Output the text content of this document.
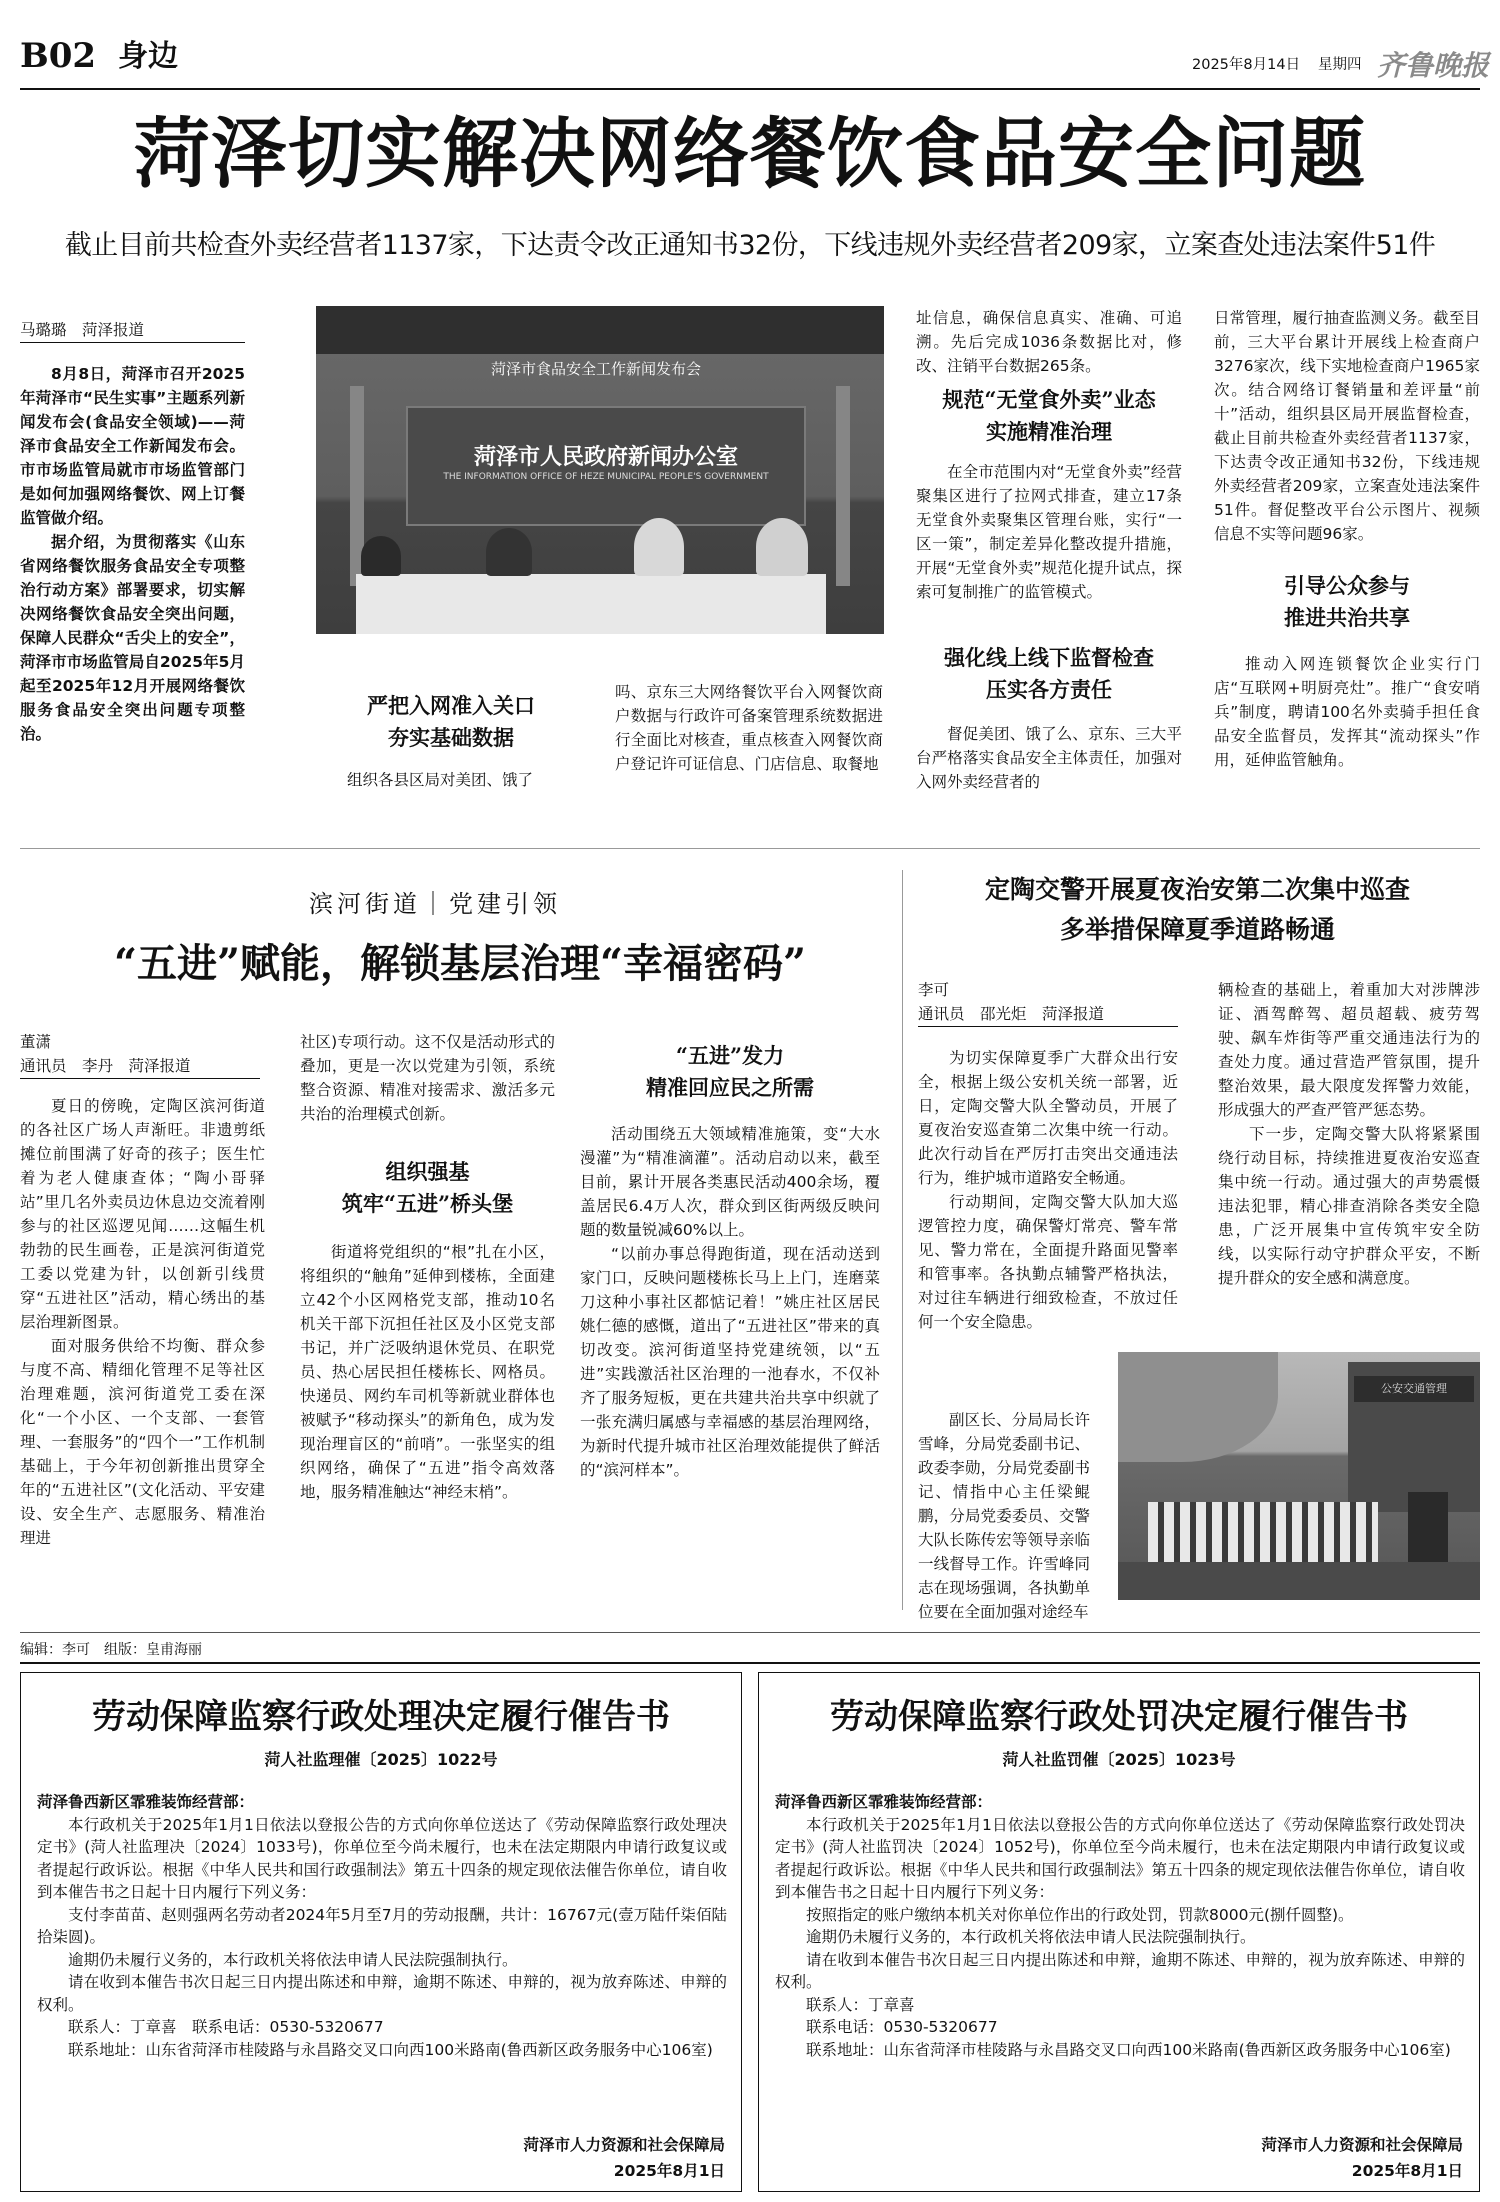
B02 身边	2025年8月14日 星期四 齐鲁晚报
菏泽切实解决网络餐饮食品安全问题
截止目前共检查外卖经营者1137家，下达责令改正通知书32份，下线违规外卖经营者209家，立案查处违法案件51件
马璐璐　菏泽报道

8月8日，菏泽市召开2025年菏泽市“民生实事”主题系列新闻发布会(食品安全领域)——菏泽市食品安全工作新闻发布会。市市场监管局就市市场监管部门是如何加强网络餐饮、网上订餐监管做介绍。

据介绍，为贯彻落实《山东省网络餐饮服务食品安全专项整治行动方案》部署要求，切实解决网络餐饮食品安全突出问题，保障人民群众“舌尖上的安全”，菏泽市市场监管局自2025年5月起至2025年12月开展网络餐饮服务食品安全突出问题专项整治。

菏泽市食品安全工作新闻发布会
菏泽市人民政府新闻办公室
THE INFORMATION OFFICE OF HEZE MUNICIPAL PEOPLE'S GOVERNMENT
严把入网准入关口
夯实基础数据

组织各县区局对美团、饿了

吗、京东三大网络餐饮平台入网餐饮商户数据与行政许可备案管理系统数据进行全面比对核查，重点核查入网餐饮商户登记许可证信息、门店信息、取餐地

址信息，确保信息真实、准确、可追溯。先后完成1036条数据比对，修改、注销平台数据265条。

规范“无堂食外卖”业态
实施精准治理

在全市范围内对“无堂食外卖”经营聚集区进行了拉网式排查，建立17条无堂食外卖聚集区管理台账，实行“一区一策”，制定差异化整改提升措施，开展“无堂食外卖”规范化提升试点，探索可复制推广的监管模式。

强化线上线下监督检查
压实各方责任

督促美团、饿了么、京东、三大平台严格落实食品安全主体责任，加强对入网外卖经营者的

日常管理，履行抽查监测义务。截至目前，三大平台累计开展线上检查商户3276家次，线下实地检查商户1965家次。结合网络订餐销量和差评量“前十”活动，组织县区局开展监督检查，截止目前共检查外卖经营者1137家，下达责令改正通知书32份，下线违规外卖经营者209家，立案查处违法案件51件。督促整改平台公示图片、视频信息不实等问题96家。

引导公众参与
推进共治共享

推动入网连锁餐饮企业实行门店“互联网+明厨亮灶”。推广“食安哨兵”制度，聘请100名外卖骑手担任食品安全监督员，发挥其“流动探头”作用，延伸监管触角。

滨河街道｜党建引领
“五进”赋能，解锁基层治理“幸福密码”
董潇
通讯员　李丹　菏泽报道

夏日的傍晚，定陶区滨河街道的各社区广场人声渐旺。非遗剪纸摊位前围满了好奇的孩子；医生忙着为老人健康查体；“陶小哥驿站”里几名外卖员边休息边交流着刚参与的社区巡逻见闻……这幅生机勃勃的民生画卷，正是滨河街道党工委以党建为针，以创新引线贯穿“五进社区”活动，精心绣出的基层治理新图景。

面对服务供给不均衡、群众参与度不高、精细化管理不足等社区治理难题，滨河街道党工委在深化“一个小区、一个支部、一套管理、一套服务”的“四个一”工作机制基础上，于今年初创新推出贯穿全年的“五进社区”(文化活动、平安建设、安全生产、志愿服务、精准治理进

社区)专项行动。这不仅是活动形式的叠加，更是一次以党建为引领，系统整合资源、精准对接需求、激活多元共治的治理模式创新。

组织强基
筑牢“五进”桥头堡

街道将党组织的“根”扎在小区，将组织的“触角”延伸到楼栋，全面建立42个小区网格党支部，推动10名机关干部下沉担任社区及小区党支部书记，并广泛吸纳退休党员、在职党员、热心居民担任楼栋长、网格员。快递员、网约车司机等新就业群体也被赋予“移动探头”的新角色，成为发现治理盲区的“前哨”。一张坚实的组织网络，确保了“五进”指令高效落地，服务精准触达“神经末梢”。

“五进”发力
精准回应民之所需

活动围绕五大领域精准施策，变“大水漫灌”为“精准滴灌”。活动启动以来，截至目前，累计开展各类惠民活动400余场，覆盖居民6.4万人次，群众到区街两级反映问题的数量锐减60%以上。

“以前办事总得跑街道，现在活动送到家门口，反映问题楼栋长马上上门，连磨菜刀这种小事社区都惦记着！”姚庄社区居民姚仁德的感慨，道出了“五进社区”带来的真切改变。滨河街道坚持党建统领，以“五进”实践激活社区治理的一池春水，不仅补齐了服务短板，更在共建共治共享中织就了一张充满归属感与幸福感的基层治理网络，为新时代提升城市社区治理效能提供了鲜活的“滨河样本”。

定陶交警开展夏夜治安第二次集中巡查
多举措保障夏季道路畅通
李可
通讯员　邵光炬　菏泽报道

为切实保障夏季广大群众出行安全，根据上级公安机关统一部署，近日，定陶交警大队全警动员，开展了夏夜治安巡查第二次集中统一行动。此次行动旨在严厉打击突出交通违法行为，维护城市道路安全畅通。

行动期间，定陶交警大队加大巡逻管控力度，确保警灯常亮、警车常见、警力常在，全面提升路面见警率和管事率。各执勤点辅警严格执法，对过往车辆进行细致检查，不放过任何一个安全隐患。

副区长、分局局长许雪峰，分局党委副书记、政委李勋，分局党委副书记、情指中心主任梁鲲鹏，分局党委委员、交警大队长陈传宏等领导亲临一线督导工作。许雪峰同志在现场强调，各执勤单位要在全面加强对途经车

辆检查的基础上，着重加大对涉牌涉证、酒驾醉驾、超员超载、疲劳驾驶、飙车炸街等严重交通违法行为的查处力度。通过营造严管氛围，提升整治效果，最大限度发挥警力效能，形成强大的严查严管严惩态势。

下一步，定陶交警大队将紧紧围绕行动目标，持续推进夏夜治安巡查集中统一行动。通过强大的声势震慑违法犯罪，精心排查消除各类安全隐患，广泛开展集中宣传筑牢安全防线，以实际行动守护群众平安，不断提升群众的安全感和满意度。

公安交通管理
编辑：李可　组版：皇甫海丽
劳动保障监察行政处理决定履行催告书
菏人社监理催〔2025〕1022号
菏泽鲁西新区霏雅装饰经营部：

本行政机关于2025年1月1日依法以登报公告的方式向你单位送达了《劳动保障监察行政处理决定书》(菏人社监理决〔2024〕1033号)，你单位至今尚未履行，也未在法定期限内申请行政复议或者提起行政诉讼。根据《中华人民共和国行政强制法》第五十四条的规定现依法催告你单位，请自收到本催告书之日起十日内履行下列义务：

支付李苗苗、赵则强两名劳动者2024年5月至7月的劳动报酬，共计：16767元(壹万陆仟柒佰陆拾柒圆)。

逾期仍未履行义务的，本行政机关将依法申请人民法院强制执行。

请在收到本催告书次日起三日内提出陈述和申辩，逾期不陈述、申辩的，视为放弃陈述、申辩的权利。

联系人：丁章喜　联系电话：0530-5320677

联系地址：山东省菏泽市桂陵路与永昌路交叉口向西100米路南(鲁西新区政务服务中心106室)

菏泽市人力资源和社会保障局
2025年8月1日
劳动保障监察行政处罚决定履行催告书
菏人社监罚催〔2025〕1023号
菏泽鲁西新区霏雅装饰经营部：

本行政机关于2025年1月1日依法以登报公告的方式向你单位送达了《劳动保障监察行政处罚决定书》(菏人社监罚决〔2024〕1052号)，你单位至今尚未履行，也未在法定期限内申请行政复议或者提起行政诉讼。根据《中华人民共和国行政强制法》第五十四条的规定现依法催告你单位，请自收到本催告书之日起十日内履行下列义务：

按照指定的账户缴纳本机关对你单位作出的行政处罚，罚款8000元(捌仟圆整)。

逾期仍未履行义务的，本行政机关将依法申请人民法院强制执行。

请在收到本催告书次日起三日内提出陈述和申辩，逾期不陈述、申辩的，视为放弃陈述、申辩的权利。

联系人：丁章喜

联系电话：0530-5320677

联系地址：山东省菏泽市桂陵路与永昌路交叉口向西100米路南(鲁西新区政务服务中心106室)

菏泽市人力资源和社会保障局
2025年8月1日
